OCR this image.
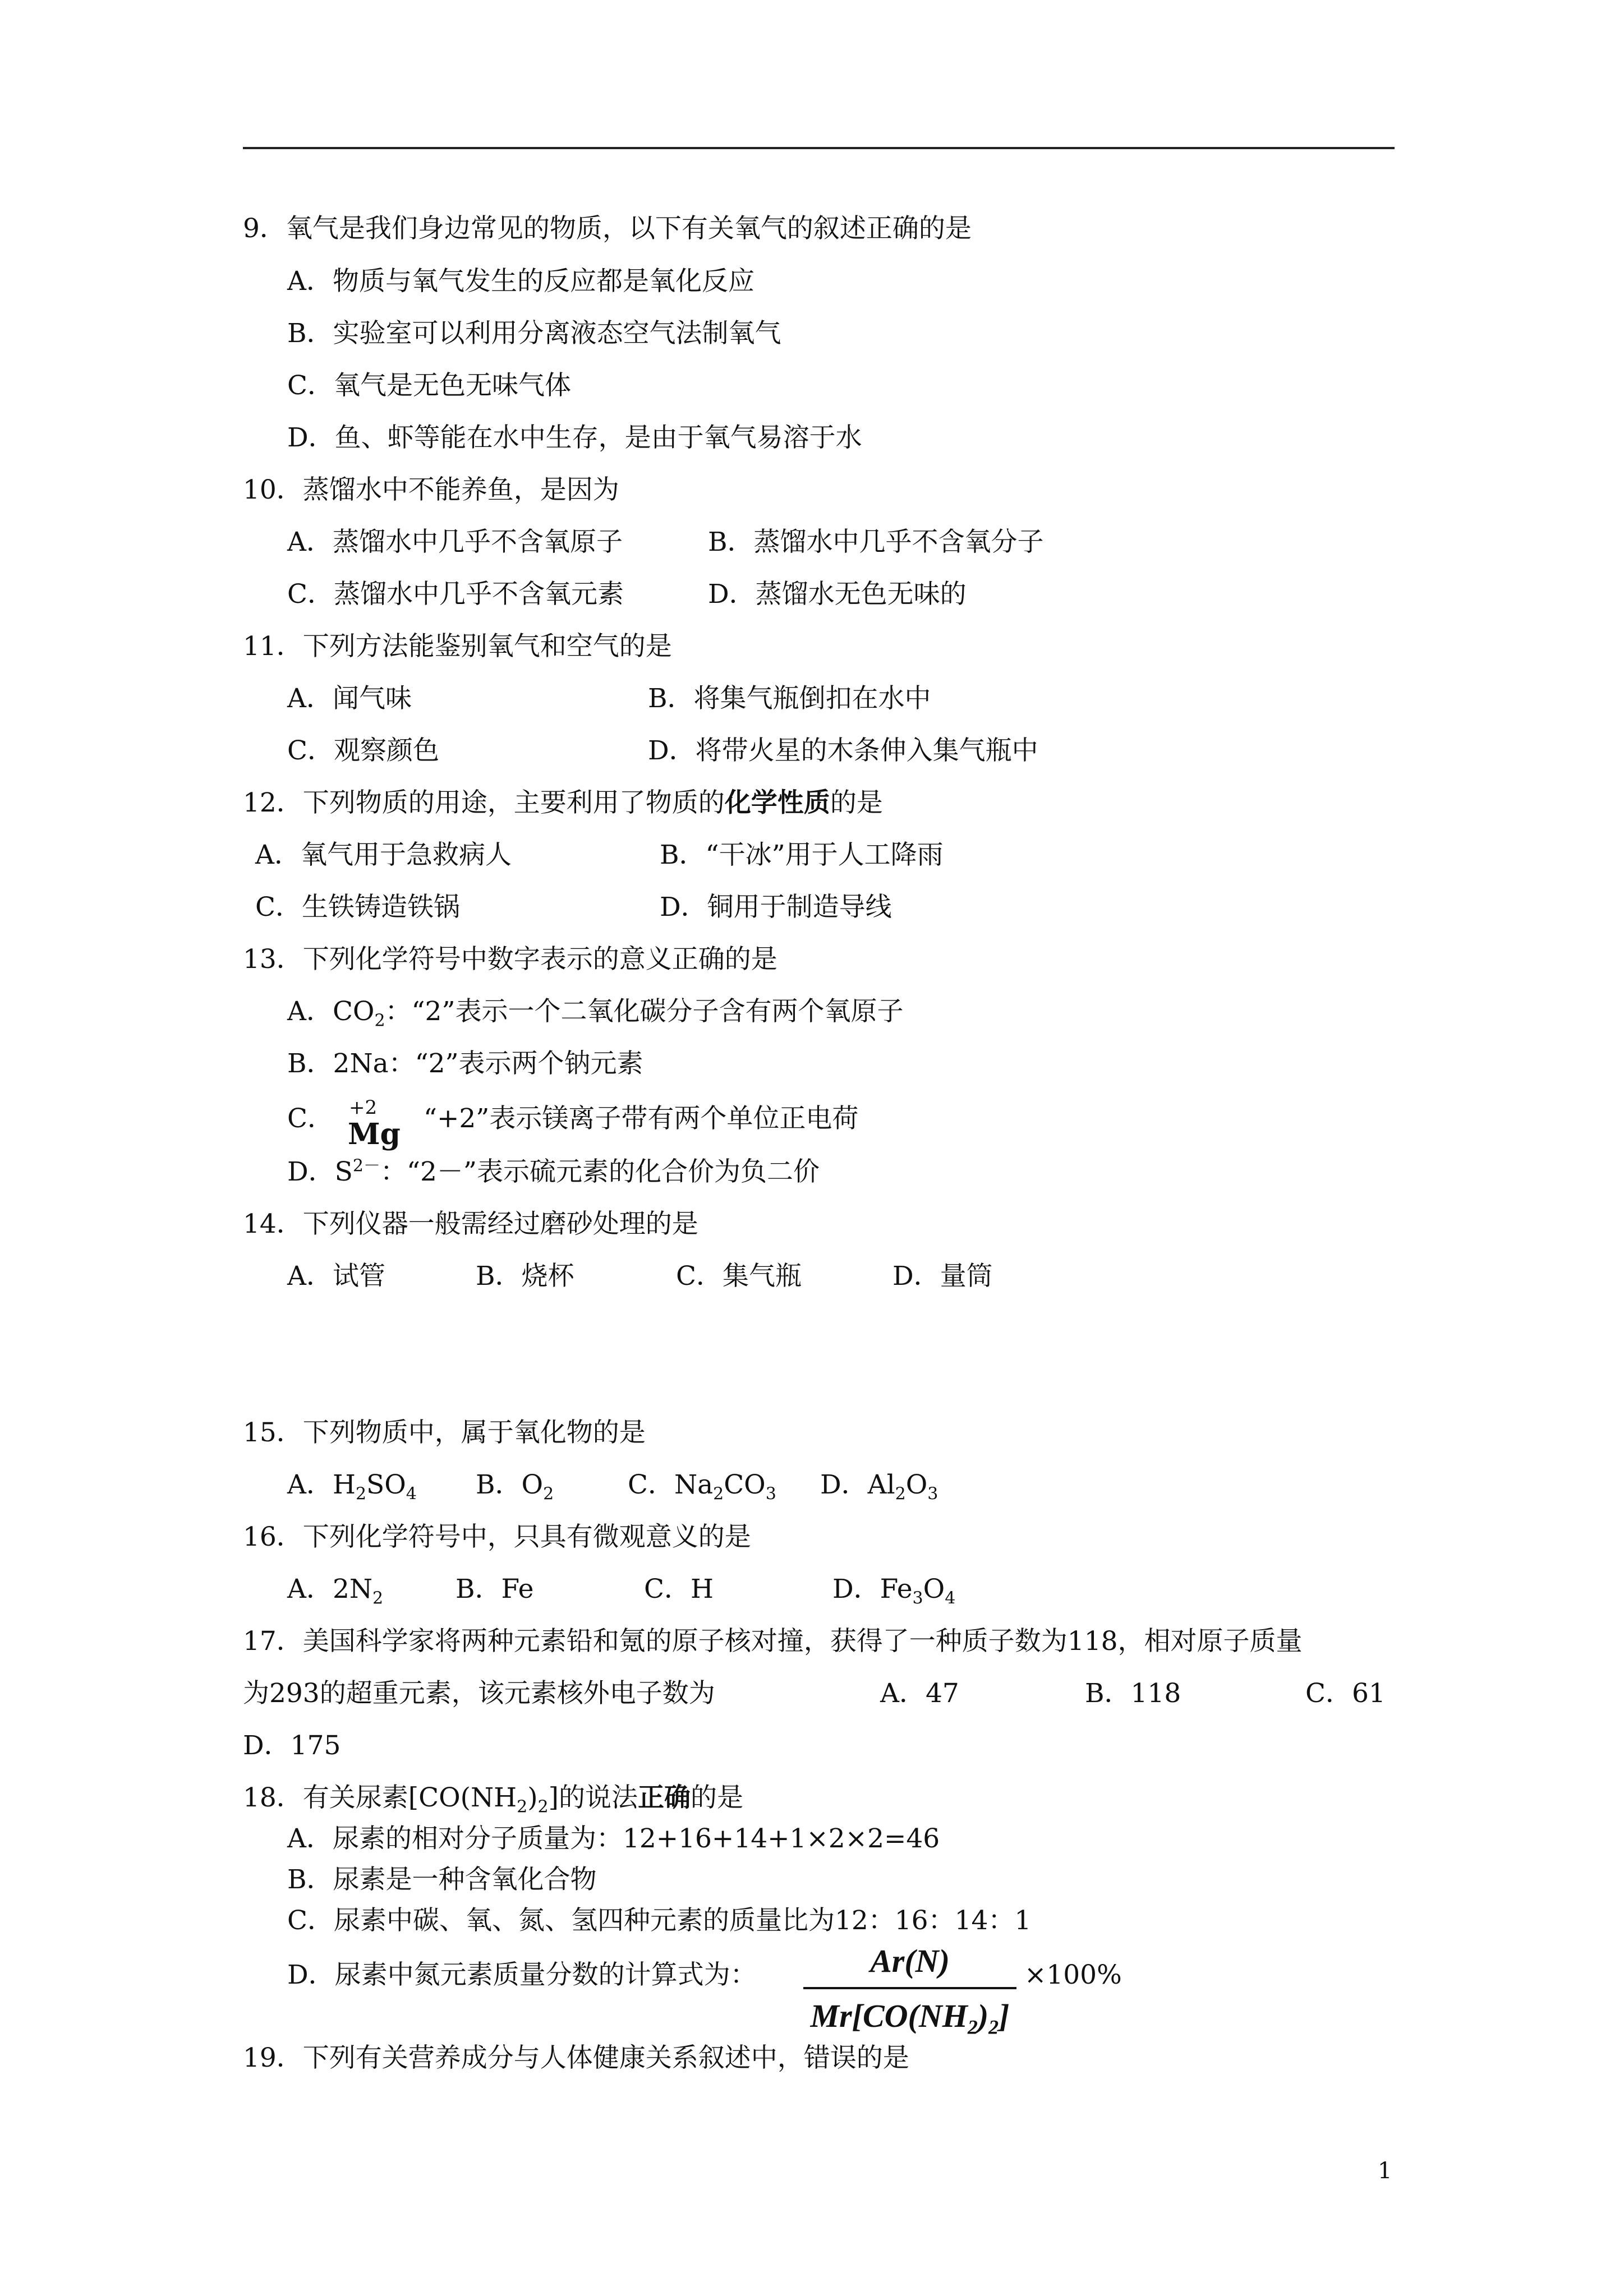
9．氧气是我们身边常见的物质，以下有关氧气的叙述正确的是
A．物质与氧气发生的反应都是氧化反应
B．实验室可以利用分离液态空气法制氧气
C．氧气是无色无味气体
D．鱼、虾等能在水中生存，是由于氧气易溶于水
10．蒸馏水中不能养鱼，是因为
A．蒸馏水中几乎不含氧原子	B．蒸馏水中几乎不含氧分子
C．蒸馏水中几乎不含氧元素	D．蒸馏水无色无味的
11．下列方法能鉴别氧气和空气的是
A．闻气味	B．将集气瓶倒扣在水中
C．观察颜色	D．将带火星的木条伸入集气瓶中
12．下列物质的用途，主要利用了物质的化学性质的是
A．氧气用于急救病人	B．“干冰”用于人工降雨
C．生铁铸造铁锅	D．铜用于制造导线
13．下列化学符号中数字表示的意义正确的是
A．$CO_2$：“2”表示一个二氧化碳分子含有两个氧原子
B．2Na：“2”表示两个钠元素
C． +2
Mg “+2”表示镁离子带有两个单位正电荷
D．$S^{2-}$：“2－”表示硫元素的化合价为负二价
14．下列仪器一般需经过磨砂处理的是
A．试管	B．烧杯	C．集气瓶	D．量筒
15．下列物质中，属于氧化物的是
A．$H_2SO_4$ B．$O_2$	C．$Na_2CO_3$ D．$Al_2O_3$
16．下列化学符号中，只具有微观意义的是
A．$2N_2$	B．Fe	C．H	D．$Fe_3O_4$
17．美国科学家将两种元素铅和氪的原子核对撞，获得了一种质子数为118，相对原子质量
为293的超重元素，该元素核外电子数为	A．47	B．118	C．61
D．175
18．有关尿素$[CO(NH_2)_2]$的说法正确的是
A．尿素的相对分子质量为：12+16+14+1×2×2=46
B．尿素是一种含氧化合物
C．尿素中碳、氧、氮、氢四种元素的质量比为12：16：14：1
D．尿素中氮元素质量分数的计算式为：	Ar(N)
$Mr[CO(NH_2)_2]$
×100%
19．下列有关营养成分与人体健康关系叙述中，错误的是
1
